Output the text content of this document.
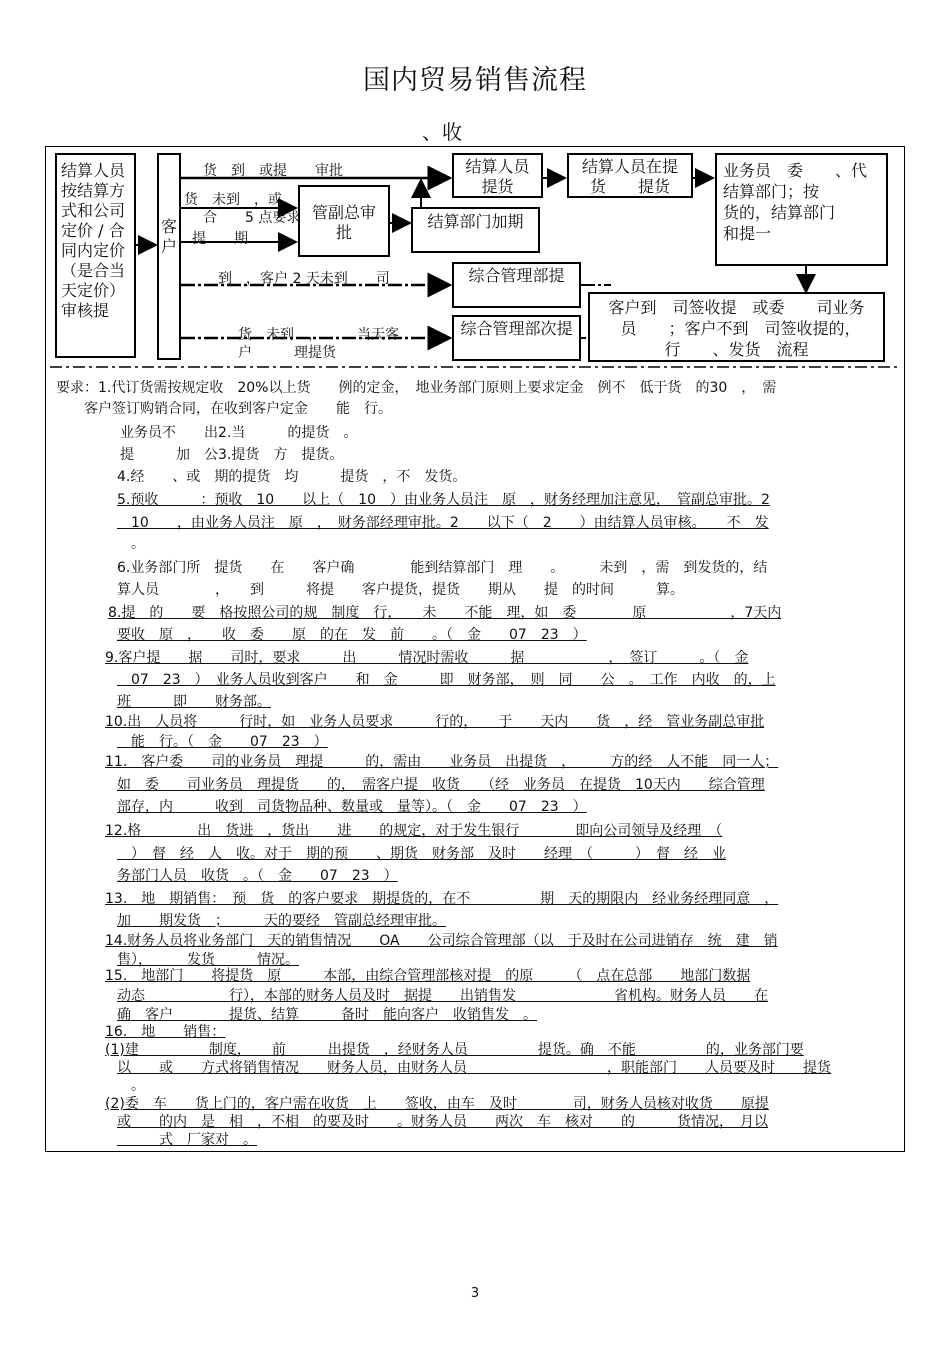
国内贸易销售流程
、收
结算人员按结算方式和公司定价 / 合同内定价（是合当天定价）审核提
客户
管副总审批
结算部门加期
结算人员提货
结算人员在提货　　提货
业务员　委　　、代　　　　结算部门；按　　　　货的，结算部门　　　和提一
综合管理部提
综合管理部次提
客户到　司签收提　或委　　司业务员　　；客户不到　司签收提的，　　　　行　　、发货　流程
货　到　或提　　审批
货　未到　，或
合　　5 点要求
提　　期
到　，客户 2 天未到　　司
货　未到　，　　　当天客
户　　　理提货
要求：1.代订货需按规定收　20%以上货　　例的定金，　地业务部门原则上要求定金　例不　低于货　的30　，　需
　　客户签订购销合同，在收到客户定金　　能　行。
业务员不　　出2.当　　　的提货　。
提　　　加　公3.提货　方　提货。
4.经　　、或　期的提货　均　　　提货　，不　发货。
5.预收　　　：预收　10　　以上（　10　）由业务人员注　原　，财务经理加注意见，　管副总审批。2
　10　　，由业务人员注　原　，　财务部经理审批。2　　以下（　2　　）由结算人员审核。　　不　发
　。
6.业务部门所　提货　　在　　客户确　　　　能到结算部门　理　　。　　　未到　，需　到发货的，结
算人员　　　　，　　到　　　将提　　客户提货，提货　　期从　　提　的时间　　　算。
8.提　的　　要　格按照公司的规　制度　行，　　未　　不能　理，如　委　　　　原　　　　　　，7天内
要收　原　，　　收　委　　原　的在　发　前　　。（　金　　07　23　）
9.客户提　　据　　司时，要求　　　出　　　情况时需收　　　据　　　　　　，　签订　　　。（　金
　07　23　）　业务人员收到客户　　和　金　　　即　财务部，　则　同　　公　。　工作　内收　的，上
班　　　即　　财务部。
10.出　人员将　　　行时，如　业务人员要求　　　行的，　　于　　天内　　货　，经　管业务副总审批
　能　行。（　金　　07　23　）
11.　客户委　　司的业务员　理提　　　的，需由　　业务员　出提货　，　　　方的经　人不能　同一人；
如　委　　司业务员　理提货　　的，　需客户提　收货　　（经　业务员　在提货　10天内　　综合管理
部存，内　　　收到　司货物品种、数量或　量等）。（　金　　07　23　）
12.格　　　　出　货进　，货出　　进　　的规定，对于发生银行　　　　即向公司领导及经理　（
　）　督　经　人　收。对于　期的预　　、期货　财务部　及时　　经理　（　　　）　督　经　业
务部门人员　收货　。（　金　　07　23　）
13.　地　期销售：　预　货　的客户要求　期提货的，在不　　　　　期　天的期限内　经业务经理同意　，
加　　期发货　；　　　天的要经　管副总经理审批。
14.财务人员将业务部门　天的销售情况　　OA　　公司综合管理部（以　于及时在公司进销存　统　建　销
售），　　　发货　　　情况。
15.　地部门　　将提货　原　　　本部，由综合管理部核对提　的原　　　（　点在总部　　地部门数据
动态　　　　　　行），本部的财务人员及时　据提　　出销售发　　　　　　　省机构。财务人员　　在
确　客户　　　　提货、结算　　　备时　能向客户　收销售发　。
16.　地　　销售：
(1)建　　　　　制度，　　前　　　出提货　，经财务人员　　　　　提货。确　不能　　　　　的，业务部门要
以　　或　　方式将销售情况　　财务人员，由财务人员　　　　　　　　　　，职能部门　　人员要及时　　提货
　。
(2)委　车　　货上门的，客户需在收货　上　　签收，由车　及时　　　　司，财务人员核对收货　　原提
或　　的内　是　相　，不相　的要及时　　。财务人员　　两次　车　核对　　的　　　货情况，　月以
　　　式　厂家对　。
3
